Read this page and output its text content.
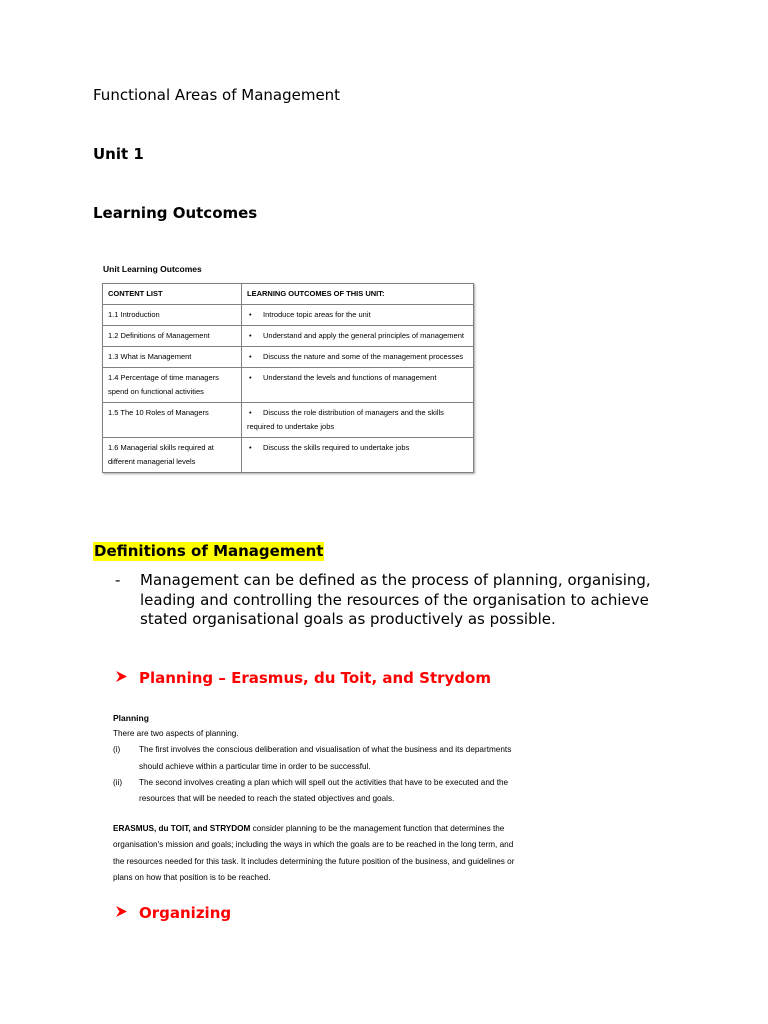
Functional Areas of Management
Unit 1
Learning Outcomes
Unit Learning Outcomes
CONTENT LIST	LEARNING OUTCOMES OF THIS UNIT:
1.1 Introduction	• Introduce topic areas for the unit
1.2 Definitions of Management	• Understand and apply the general principles of management
1.3 What is Management	• Discuss the nature and some of the management processes
1.4 Percentage of time managers spend on functional activities	• Understand the levels and functions of management
1.5 The 10 Roles of Managers	• Discuss the role distribution of managers and the skills required to undertake jobs
1.6 Managerial skills required at different managerial levels	• Discuss the skills required to undertake jobs
Definitions of Management
-	Management can be defined as the process of planning, organising, leading and controlling the resources of the organisation to achieve stated organisational goals as productively as possible.
Planning – Erasmus, du Toit, and Strydom
Planning
There are two aspects of planning.
(i)	The first involves the conscious deliberation and visualisation of what the business and its departments should achieve within a particular time in order to be successful.
(ii)	The second involves creating a plan which will spell out the activities that have to be executed and the resources that will be needed to reach the stated objectives and goals.
ERASMUS, du TOIT, and STRYDOM consider planning to be the management function that determines the organisation's mission and goals; including the ways in which the goals are to be reached in the long term, and the resources needed for this task. It includes determining the future position of the business, and guidelines or plans on how that position is to be reached.
Organizing
